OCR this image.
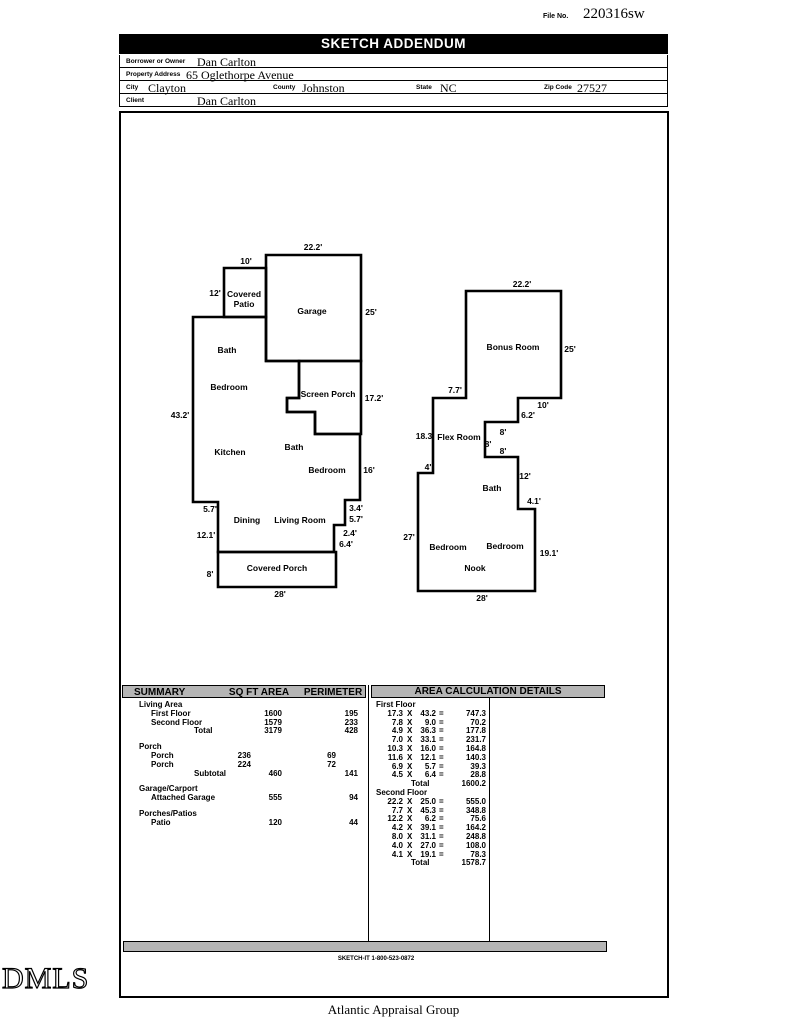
File No. 220316sw
SKETCH ADDENDUM
Borrower or Owner Dan Carlton
Property Address 65 Oglethorpe Avenue
City Clayton	County Johnston	State NC	Zip Code 27527
Client	Dan Carlton
22.2'
10'
12' Covered
Patio
Garage	25'
Bath
Bedroom
Screen Porch 17.2'
43.2'
Kitchen	Bath
Bedroom 16'
5.7'
Dining Living Room
3.4'
5.7'
2.4'
6.4'
12.1'
8'
Covered Porch
28'
22.2'
Bonus Room	25'
7.7'
10'
6.2'
18.3' Flex Room 8'
8'
8'
4'
12'
Bath
4.1'
27'
Bedroom Bedroom
19.1'
Nook
28'
SUMMARY	SQ FT AREA PERIMETER	AREA CALCULATION DETAILS
Living Area
First Floor	1600	195
Second Floor	1579	233
Total	3179	428
Porch
Porch	236	69
Porch	224	72
Subtotal	460	141
Garage/Carport
Attached Garage	555	94
Porches/Patios
Patio	120	44
First Floor
17.3 X 43.2 =	747.3
7.8 X 9.0 =	70.2
4.9 X 36.3 =	177.8
7.0 X 33.1 =	231.7
10.3 X 16.0 =	164.8
11.6 X 12.1 =	140.3
6.9 X 5.7 =	39.3
4.5 X 6.4 =	28.8
Total	1600.2
Second Floor
22.2 X 25.0 =	555.0
7.7 X 45.3 =	348.8
12.2 X 6.2 =	75.6
4.2 X 39.1 =	164.2
8.0 X 31.1 =	248.8
4.0 X 27.0 =	108.0
4.1 X 19.1 =	78.3
Total	1578.7
SKETCH-IT 1-800-523-0872
DMLS
Atlantic Appraisal Group
